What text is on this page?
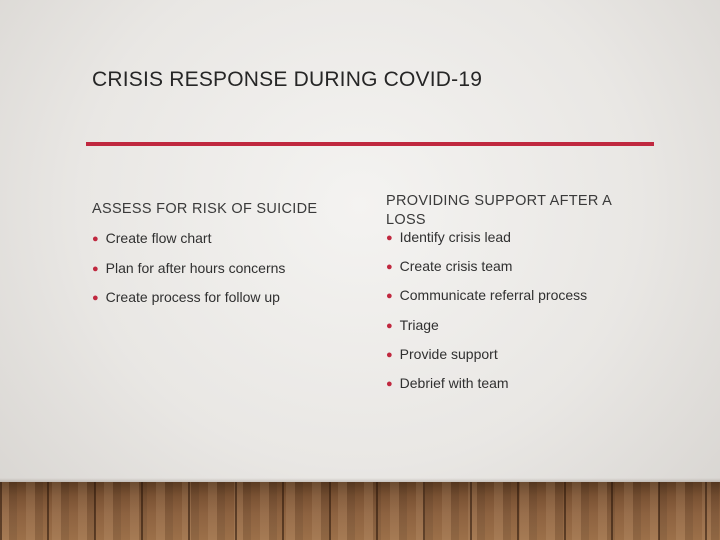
CRISIS RESPONSE DURING COVID-19
ASSESS FOR RISK OF SUICIDE
● Create flow chart
● Plan for after hours concerns
● Create process for follow up
PROVIDING SUPPORT AFTER A LOSS
● Identify crisis lead
● Create crisis team
● Communicate referral process
● Triage
● Provide support
● Debrief with team
